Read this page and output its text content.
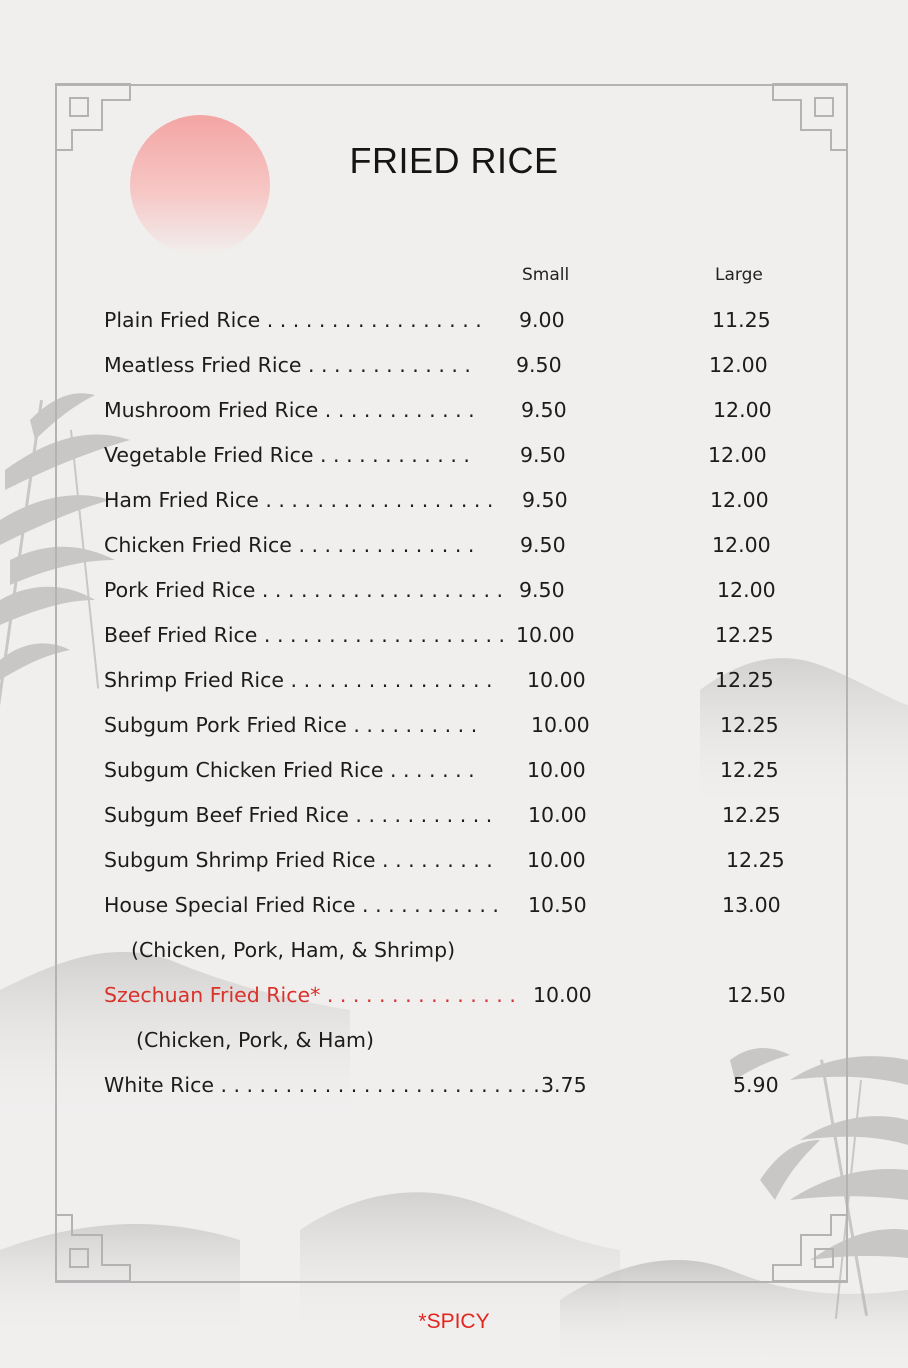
FRIED RICE
Small	Large
Plain Fried Rice . . . . . . . . . . . . . . . . . 9.00	11.25
Meatless Fried Rice . . . . . . . . . . . . . 9.50	12.00
Mushroom Fried Rice . . . . . . . . . . . . 9.50	12.00
Vegetable Fried Rice . . . . . . . . . . . . 9.50	12.00
Ham Fried Rice . . . . . . . . . . . . . . . . . . 9.50	12.00
Chicken Fried Rice . . . . . . . . . . . . . . 9.50	12.00
Pork Fried Rice . . . . . . . . . . . . . . . . . . . 9.50	12.00
Beef Fried Rice . . . . . . . . . . . . . . . . . . . 10.00	12.25
Shrimp Fried Rice . . . . . . . . . . . . . . . . 10.00	12.25
Subgum Pork Fried Rice . . . . . . . . . .	10.00	12.25
Subgum Chicken Fried Rice . . . . . . .	10.00	12.25
Subgum Beef Fried Rice . . . . . . . . . . . 10.00	12.25
Subgum Shrimp Fried Rice . . . . . . . . . 10.00	12.25
House Special Fried Rice . . . . . . . . . . . 10.50	13.00
(Chicken, Pork, Ham, & Shrimp)
Szechuan Fried Rice* . . . . . . . . . . . . . . . 10.00	12.50
(Chicken, Pork, & Ham)
White Rice . . . . . . . . . . . . . . . . . . . . . . . . . 3.75	5.90
*SPICY
